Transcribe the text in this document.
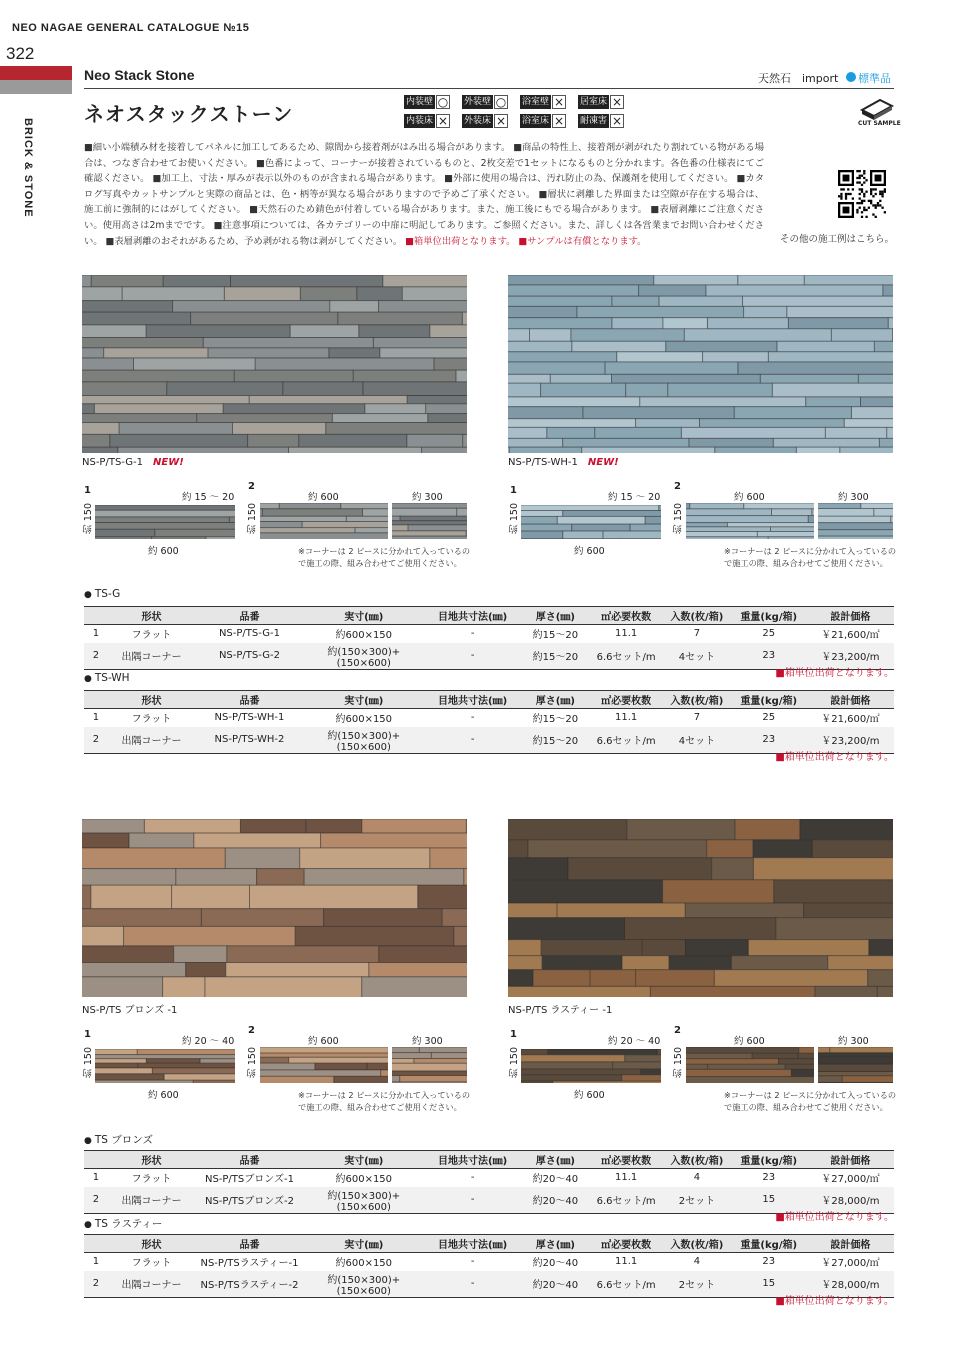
NEO NAGAE GENERAL CATALOGUE №15
322
BRICK & STONE
Neo Stack Stone	天然石　import 標準品
ネオスタックストーン
内装壁 ○ 外装壁 ○ 浴室壁 × 居室床 ×
内装床 × 外装床 × 浴室床 × 耐凍害 ×	CUT SAMPLE
■細い小端積み材を接着してパネルに加工してあるため、隙間から接着剤がはみ出る場合があります。 ■商品の特性上、接着剤が剥がれたり割れている物がある場合は、つなぎ合わせてお使いください。 ■色番によって、コーナーが接着されているものと、2枚交差で1セットになるものと分かれます。各色番の仕様表にてご確認ください。 ■加工上、寸法・厚みが表示以外のものが含まれる場合があります。 ■外部に使用の場合は、汚れ防止の為、保護剤を使用してください。 ■カタログ写真やカットサンプルと実際の商品とは、色・柄等が異なる場合がありますので予めご了承ください。 ■層状に剥離した界面または空隙が存在する場合は、施工前に強制的にはがしてください。 ■天然石のため錆色が付着している場合があります。また、施工後にもでる場合があります。 ■表層剥離にご注意ください。使用高さは2mまでです。 ■注意事項については、各カテゴリーの中扉に明記してあります。ご参照ください。また、詳しくは各営業までお問い合わせください。 ■表層剥離のおそれがあるため、予め剥がれる物は剥がしてください。 ■箱単位出荷となります。 ■サンプルは有償となります。	その他の施工例はこちら。
NS-P/TS-G-1 NEW!
1
約 15 ～ 20
約 150
約 600
2
約 600	約 300
約 150
※コーナーは 2 ピースに分かれて入っているので施工の際、組み合わせてご使用ください。
NS-P/TS-WH-1 NEW!
1
約 15 ～ 20
約 150
約 600
2
約 600	約 300
約 150
※コーナーは 2 ピースに分かれて入っているので施工の際、組み合わせてご使用ください。
NS-P/TS ブロンズ -1
1
約 20 ～ 40
約 150
約 600
2
約 600	約 300
約 150
※コーナーは 2 ピースに分かれて入っているので施工の際、組み合わせてご使用ください。
NS-P/TS ラスティー -1
1
約 20 ～ 40
約 150
約 600
2
約 600	約 300
約 150
※コーナーは 2 ピースに分かれて入っているので施工の際、組み合わせてご使用ください。
● TS-G
	形状	品番	実寸(㎜)	目地共寸法(㎜)	厚さ(㎜)	㎡必要枚数	入数(枚/箱)	重量(kg/箱)	設計価格
1	フラット	NS-P/TS-G-1	約600×150	-	約15～20	11.1	7	25	￥21,600/㎡
2	出隅コーナー	NS-P/TS-G-2	約(150×300)+(150×600)	-	約15～20	6.6セット/m	4セット	23	￥23,200/m
■ 箱単位出荷となります。
● TS-WH
	形状	品番	実寸(㎜)	目地共寸法(㎜)	厚さ(㎜)	㎡必要枚数	入数(枚/箱)	重量(kg/箱)	設計価格
1	フラット	NS-P/TS-WH-1	約600×150	-	約15～20	11.1	7	25	￥21,600/㎡
2	出隅コーナー	NS-P/TS-WH-2	約(150×300)+(150×600)	-	約15～20	6.6セット/m	4セット	23	￥23,200/m
■ 箱単位出荷となります。
● TS ブロンズ
	形状	品番	実寸(㎜)	目地共寸法(㎜)	厚さ(㎜)	㎡必要枚数	入数(枚/箱)	重量(kg/箱)	設計価格
1	フラット	NS-P/TSブロンズ-1	約600×150	-	約20～40	11.1	4	23	￥27,000/㎡
2	出隅コーナー	NS-P/TSブロンズ-2	約(150×300)+(150×600)	-	約20～40	6.6セット/m	2セット	15	￥28,000/m
■ 箱単位出荷となります。
● TS ラスティー
	形状	品番	実寸(㎜)	目地共寸法(㎜)	厚さ(㎜)	㎡必要枚数	入数(枚/箱)	重量(kg/箱)	設計価格
1	フラット	NS-P/TSラスティー-1	約600×150	-	約20～40	11.1	4	23	￥27,000/㎡
2	出隅コーナー	NS-P/TSラスティー-2	約(150×300)+(150×600)	-	約20～40	6.6セット/m	2セット	15	￥28,000/m
■ 箱単位出荷となります。
